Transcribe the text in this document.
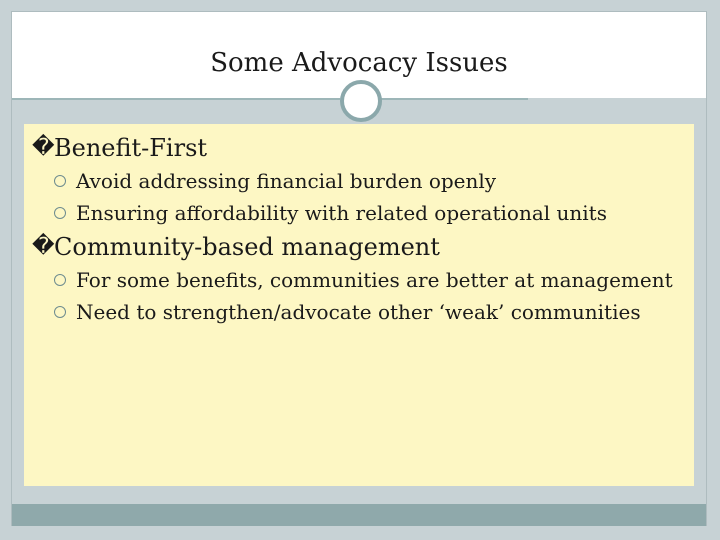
Some Advocacy Issues
� Benefit-First
Avoid addressing financial burden openly
Ensuring affordability with related operational units
� Community-based management
For some benefits, communities are better at management
Need to strengthen/advocate other ‘weak’ communities
